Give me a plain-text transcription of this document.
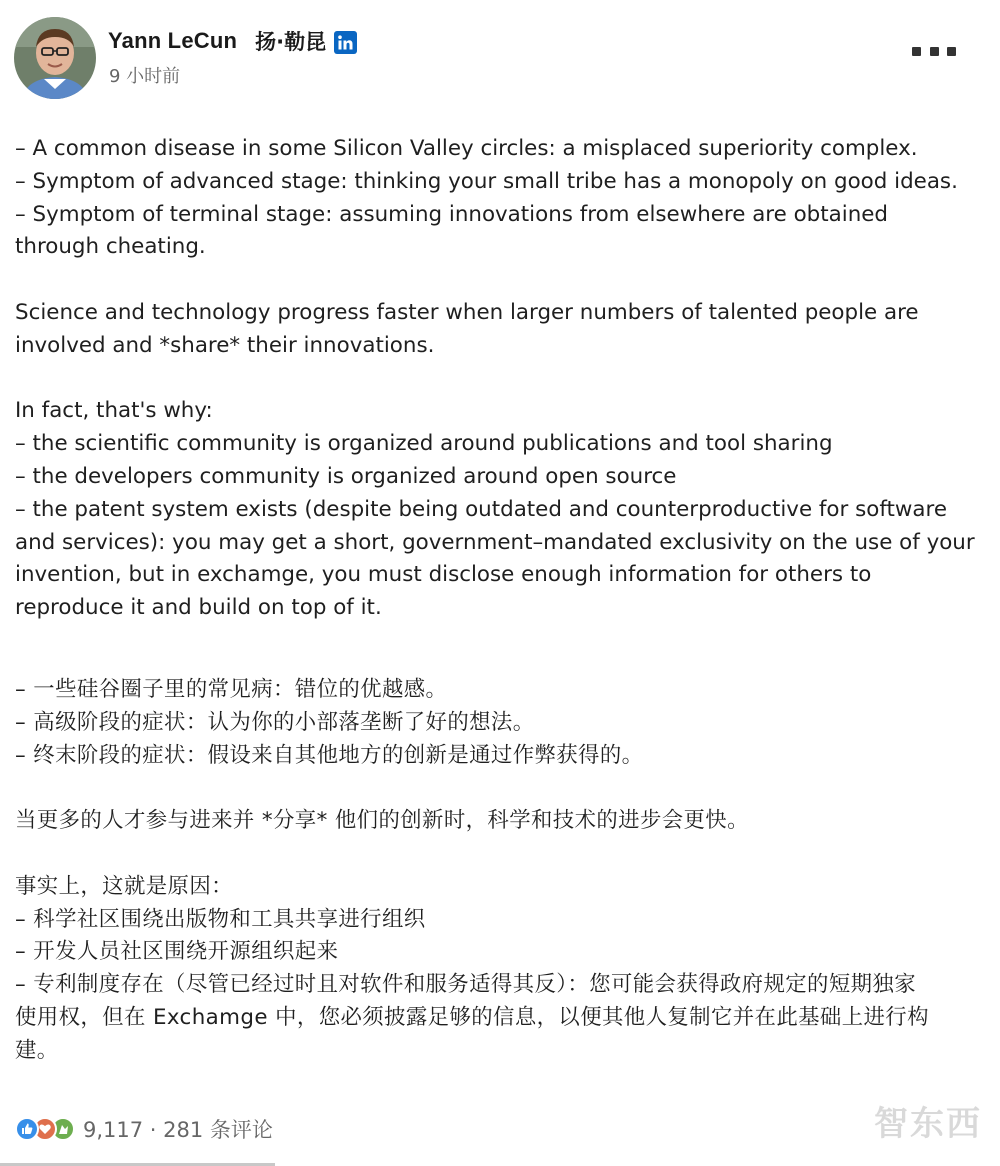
Yann LeCun 扬·勒昆
9 小时前
– A common disease in some Silicon Valley circles: a misplaced superiority complex.
– Symptom of advanced stage: thinking your small tribe has a monopoly on good ideas.
– Symptom of terminal stage: assuming innovations from elsewhere are obtained
through cheating.
Science and technology progress faster when larger numbers of talented people are
involved and *share* their innovations.
In fact, that's why:
– the scientific community is organized around publications and tool sharing
– the developers community is organized around open source
– the patent system exists (despite being outdated and counterproductive for software
and services): you may get a short, government–mandated exclusivity on the use of your
invention, but in exchamge, you must disclose enough information for others to
reproduce it and build on top of it.
– 一些硅谷圈子里的常见病：错位的优越感。
– 高级阶段的症状：认为你的小部落垄断了好的想法。
– 终末阶段的症状：假设来自其他地方的创新是通过作弊获得的。
当更多的人才参与进来并 *分享* 他们的创新时，科学和技术的进步会更快。
事实上，这就是原因：
– 科学社区围绕出版物和工具共享进行组织
– 开发人员社区围绕开源组织起来
– 专利制度存在（尽管已经过时且对软件和服务适得其反）：您可能会获得政府规定的短期独家
使用权，但在 Exchamge 中，您必须披露足够的信息，以便其他人复制它并在此基础上进行构
建。
9,117 · 281 条评论	智东西
